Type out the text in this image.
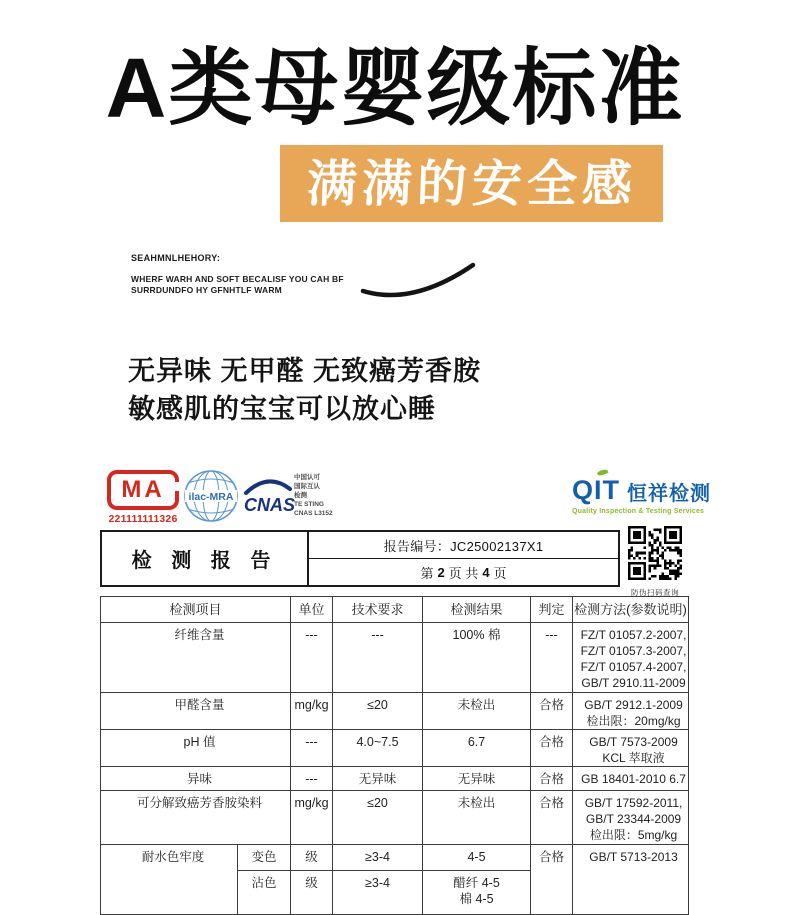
A类母婴级标准
满满的安全感
SEAHMNLHEHORY:
WHERF WARH AND SOFT BECALISF YOU CAH BF
SURRDUNDFO HY GFNHTLF WARM
无异味 无甲醛 无致癌芳香胺
敏感肌的宝宝可以放心睡
MA
221111111326
ilac-MRA CNAS
中国认可
国际互认
检测
TE STING
CNAS L3152
QIT 恒祥检测
Quality Inspection & Testing Services
检 测 报 告
报告编号：JC25002137X1
第 2 页 共 4 页
防伪扫码查询
检测项目		单位	技术要求	检测结果	判定	检测方法(参数说明)
纤维含量		---	---	100% 棉	---	FZ/T 01057.2-2007,
FZ/T 01057.3-2007,
FZ/T 01057.4-2007,
GB/T 2910.11-2009

甲醛含量		mg/kg	≤20	未检出	合格	GB/T 2912.1-2009
检出限：20mg/kg

pH 值		---	4.0~7.5	6.7	合格	GB/T 7573-2009
KCL 萃取液

异味		---	无异味	无异味	合格	GB 18401-2010 6.7
可分解致癌芳香胺染料		mg/kg	≤20	未检出	合格	GB/T 17592-2011,
GB/T 23344-2009
检出限：5mg/kg

耐水色牢度	变色	级	≥3-4	4-5	合格	GB/T 5713-2013
	沾色	级	≥3-4	醋纤 4-5
棉 4-5		
